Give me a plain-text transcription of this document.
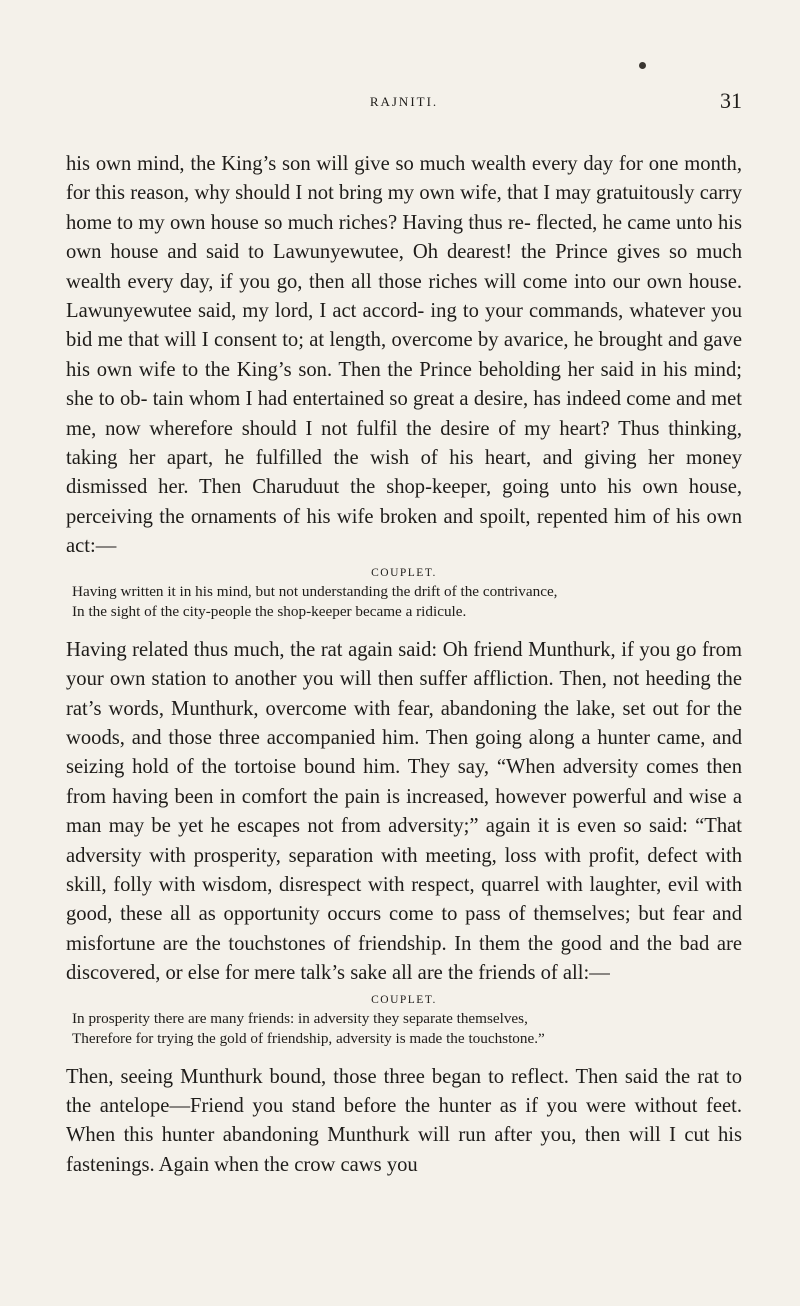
RAJNITI.	31

his own mind, the King’s son will give so much wealth every day for one month, for this reason, why should I not bring my own wife, that I may gratuitously carry home to my own house so much riches? Having thus re- flected, he came unto his own house and said to Lawunyewutee, Oh dearest! the Prince gives so much wealth every day, if you go, then all those riches will come into our own house. Lawunyewutee said, my lord, I act accord- ing to your commands, whatever you bid me that will I consent to; at length, overcome by avarice, he brought and gave his own wife to the King’s son. Then the Prince beholding her said in his mind; she to ob- tain whom I had entertained so great a desire, has indeed come and met me, now wherefore should I not fulfil the desire of my heart? Thus thinking, taking her apart, he fulfilled the wish of his heart, and giving her money dismissed her. Then Charuduut the shop-keeper, going unto his own house, perceiving the ornaments of his wife broken and spoilt, repented him of his own act:—

COUPLET.

Having written it in his mind, but not understanding the drift of the contrivance,

In the sight of the city-people the shop-keeper became a ridicule.

Having related thus much, the rat again said: Oh friend Munthurk, if you go from your own station to another you will then suffer affliction. Then, not heeding the rat’s words, Munthurk, overcome with fear, abandoning the lake, set out for the woods, and those three accompanied him. Then going along a hunter came, and seizing hold of the tortoise bound him. They say, “When adversity comes then from having been in comfort the pain is increased, however powerful and wise a man may be yet he escapes not from adversity;” again it is even so said: “That adversity with prosperity, separation with meeting, loss with profit, defect with skill, folly with wisdom, disrespect with respect, quarrel with laughter, evil with good, these all as opportunity occurs come to pass of themselves; but fear and misfortune are the touchstones of friendship. In them the good and the bad are discovered, or else for mere talk’s sake all are the friends of all:—

COUPLET.

In prosperity there are many friends: in adversity they separate themselves,

Therefore for trying the gold of friendship, adversity is made the touchstone.”

Then, seeing Munthurk bound, those three began to reflect. Then said the rat to the antelope—Friend you stand before the hunter as if you were without feet. When this hunter abandoning Munthurk will run after you, then will I cut his fastenings. Again when the crow caws you
